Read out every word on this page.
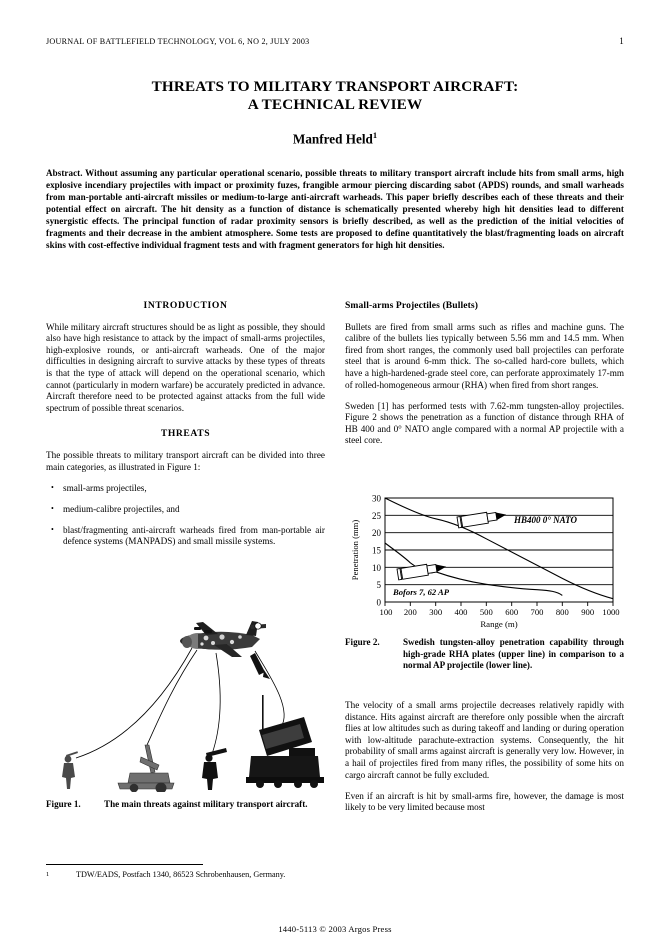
JOURNAL OF BATTLEFIELD TECHNOLOGY, VOL 6, NO 2, JULY 2003	1
THREATS TO MILITARY TRANSPORT AIRCRAFT:
A TECHNICAL REVIEW
Manfred Held$^1$
Abstract. Without assuming any particular operational scenario, possible threats to military transport aircraft include hits from small arms, high explosive incendiary projectiles with impact or proximity fuzes, frangible armour piercing discarding sabot (APDS) rounds, and small warheads from man-portable anti-aircraft missiles or medium-to-large anti-aircraft warheads. This paper briefly describes each of these threats and their potential effect on aircraft. The hit density as a function of distance is schematically presented whereby high hit densities lead to different synergistic effects. The principal function of radar proximity sensors is briefly described, as well as the prediction of the initial velocities of fragments and their decrease in the ambient atmosphere. Some tests are proposed to define quantitatively the blast/fragmenting loads on aircraft skins with cost-effective individual fragment tests and with fragment generators for high hit densities.
INTRODUCTION

While military aircraft structures should be as light as possible, they should also have high resistance to attack by the impact of small-arms projectiles, high-explosive rounds, or anti-aircraft warheads. One of the major difficulties in designing aircraft to survive attacks by these types of threats is that the type of attack will depend on the operational scenario, which cannot (particularly in modern warfare) be accurately predicted in advance. Aircraft therefore need to be protected against attacks from the full wide spectrum of possible threat scenarios.

THREATS

The possible threats to military transport aircraft can be divided into three main categories, as illustrated in Figure 1:

• small-arms projectiles,
• medium-calibre projectiles, and
• blast/fragmenting anti-aircraft warheads fired from man-portable air defence systems (MANPADS) and small missile systems.
Figure 1.	The main threats against military transport aircraft.
Small-arms Projectiles (Bullets)

Bullets are fired from small arms such as rifles and machine guns. The calibre of the bullets lies typically between 5.56 mm and 14.5 mm. When fired from short ranges, the commonly used ball projectiles can perforate steel that is around 6-mm thick. The so-called hard-core bullets, which have a high-hardened-grade steel core, can perforate approximately 17-mm of rolled-homogeneous armour (RHA) when fired from short ranges.

Sweden [1] has performed tests with 7.62-mm tungsten-alloy projectiles. Figure 2 shows the penetration as a function of distance through RHA of HB 400 and 0° NATO angle compared with a normal AP projectile with a steel core.

30
25
20
15
10
5
0
Penetration (mm)
100 200 300 400 500 600 700 800 900 1000
Range (m)
HB400 0° NATO
Bofors 7, 62 AP
Figure 2.	Swedish tungsten-alloy penetration capability through high-grade RHA plates (upper line) in comparison to a normal AP projectile (lower line).

The velocity of a small arms projectile decreases relatively rapidly with distance. Hits against aircraft are therefore only possible when the aircraft flies at low altitudes such as during takeoff and landing or during operation with low-altitude parachute-extraction systems. Consequently, the hit probability of small arms against aircraft is generally very low. However, in a hail of projectiles fired from many rifles, the possibility of some hits on cargo aircraft cannot be fully excluded.

Even if an aircraft is hit by small-arms fire, however, the damage is most likely to be very limited because most

1	TDW/EADS, Postfach 1340, 86523 Schrobenhausen, Germany.
1440-5113 © 2003 Argos Press
